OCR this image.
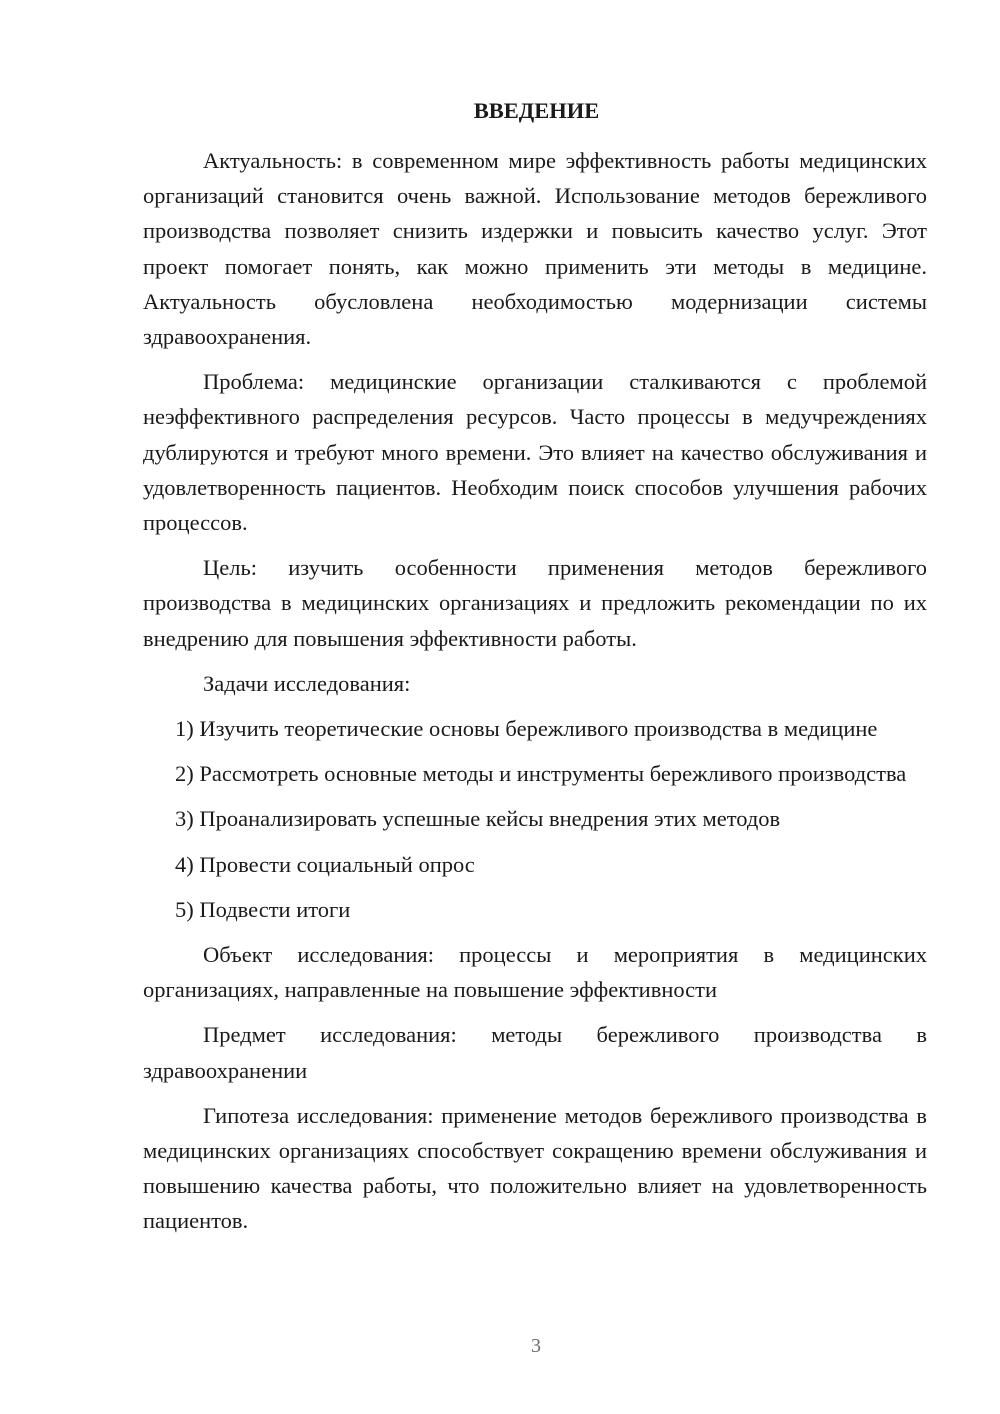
ВВЕДЕНИЕ

Актуальность: в современном мире эффективность работы медицинских организаций становится очень важной. Использование методов бережливого производства позволяет снизить издержки и повысить качество услуг. Этот проект помогает понять, как можно применить эти методы в медицине. Актуальность обусловлена необходимостью модернизации системы здравоохранения.

Проблема: медицинские организации сталкиваются с проблемой неэффективного распределения ресурсов. Часто процессы в медучреждениях дублируются и требуют много времени. Это влияет на качество обслуживания и удовлетворенность пациентов. Необходим поиск способов улучшения рабочих процессов.

Цель: изучить особенности применения методов бережливого производства в медицинских организациях и предложить рекомендации по их внедрению для повышения эффективности работы.

Задачи исследования:

1) Изучить теоретические основы бережливого производства в медицине

2) Рассмотреть основные методы и инструменты бережливого производства

3) Проанализировать успешные кейсы внедрения этих методов

4) Провести социальный опрос

5) Подвести итоги

Объект исследования: процессы и мероприятия в медицинских организациях, направленные на повышение эффективности

Предмет исследования: методы бережливого производства в здравоохранении

Гипотеза исследования: применение методов бережливого производства в медицинских организациях способствует сокращению времени обслуживания и повышению качества работы, что положительно влияет на удовлетворенность пациентов.

3
